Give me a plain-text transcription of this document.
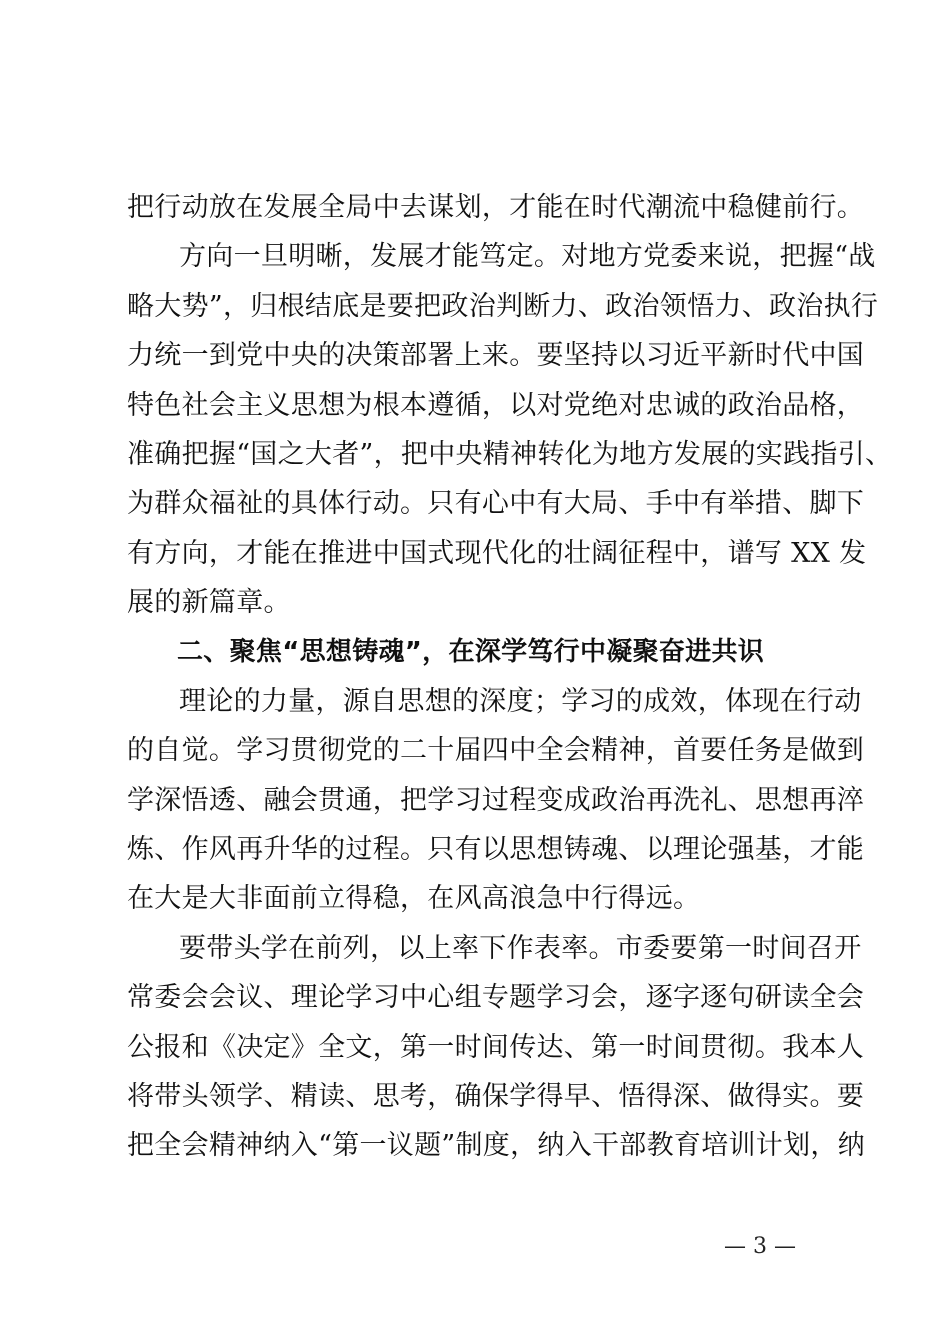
把行动放在发展全局中去谋划，才能在时代潮流中稳健前行。
方向一旦明晰，发展才能笃定。对地方党委来说，把握“战
略大势”，归根结底是要把政治判断力、政治领悟力、政治执行
力统一到党中央的决策部署上来。要坚持以习近平新时代中国
特色社会主义思想为根本遵循，以对党绝对忠诚的政治品格，
准确把握“国之大者”，把中央精神转化为地方发展的实践指引、
为群众福祉的具体行动。只有心中有大局、手中有举措、脚下
有方向，才能在推进中国式现代化的壮阔征程中，谱写 XX 发
展的新篇章。
二、聚焦“思想铸魂”，在深学笃行中凝聚奋进共识
理论的力量，源自思想的深度；学习的成效，体现在行动
的自觉。学习贯彻党的二十届四中全会精神，首要任务是做到
学深悟透、融会贯通，把学习过程变成政治再洗礼、思想再淬
炼、作风再升华的过程。只有以思想铸魂、以理论强基，才能
在大是大非面前立得稳，在风高浪急中行得远。
要带头学在前列，以上率下作表率。市委要第一时间召开
常委会会议、理论学习中心组专题学习会，逐字逐句研读全会
公报和《决定》全文，第一时间传达、第一时间贯彻。我本人
将带头领学、精读、思考，确保学得早、悟得深、做得实。要
把全会精神纳入“第一议题”制度，纳入干部教育培训计划，纳
— 3 —
